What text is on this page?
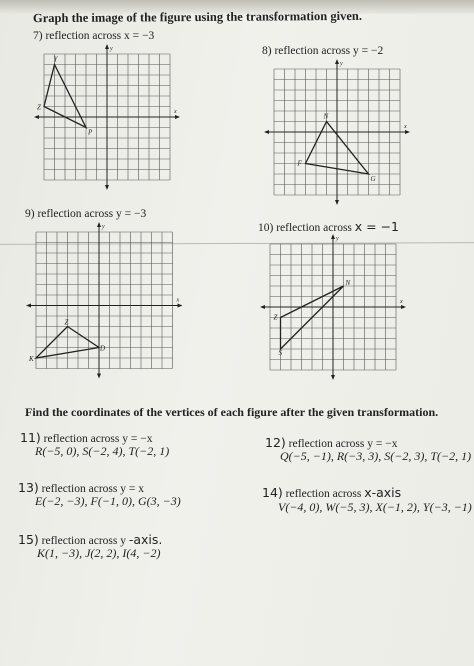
Graph the image of the figure using the transformation given.
7) reflection across x = −3
x
y
Z
Y
P
8) reflection across y = −2
x
y
N
F
G
9) reflection across y = −3
x
y
Z
D
K
10) reflection across x = −1
x
y
Z
N
S
Find the coordinates of the vertices of each figure after the given transformation.
11) reflection across y = −x
R(−5, 0), S(−2, 4), T(−2, 1)
12) reflection across y = −x
Q(−5, −1), R(−3, 3), S(−2, 3), T(−2, 1)
13) reflection across y = x
E(−2, −3), F(−1, 0), G(3, −3)
14) reflection across x-axis
V(−4, 0), W(−5, 3), X(−1, 2), Y(−3, −1)
15) reflection across y -axis.
K(1, −3), J(2, 2), I(4, −2)
